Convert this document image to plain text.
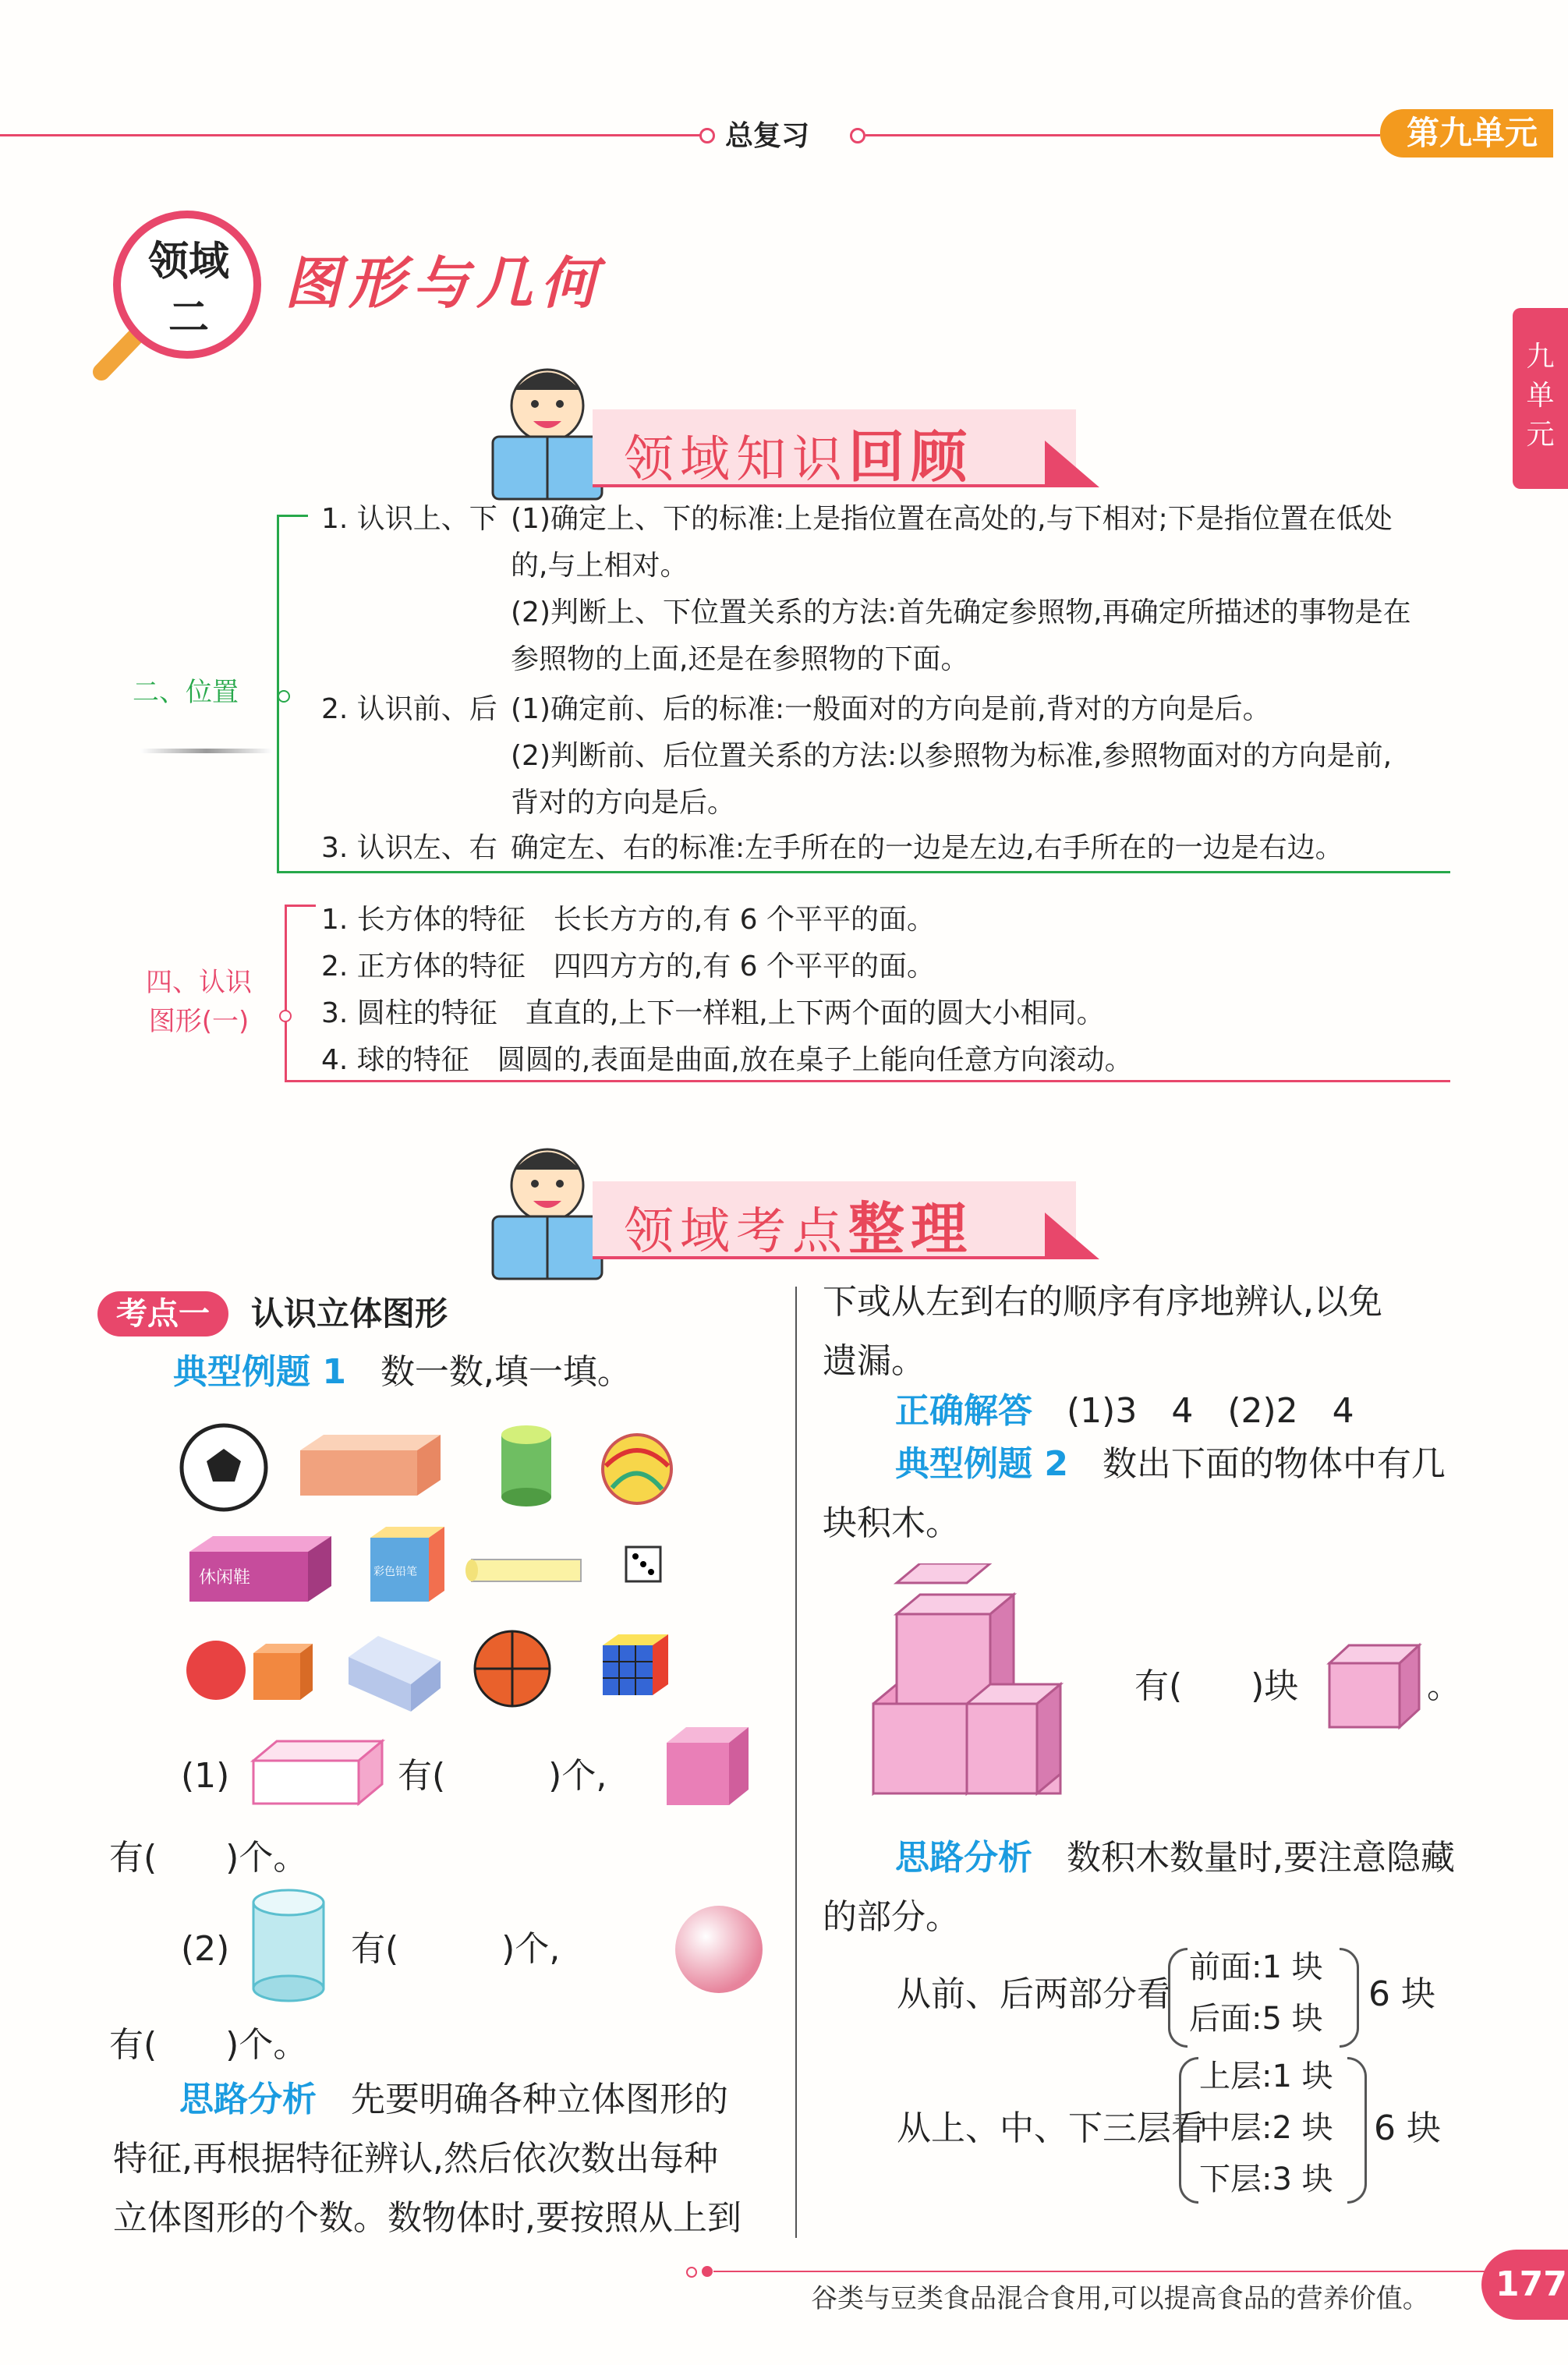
总复习	第九单元
九
单
元
领域
二
图形与几何
领域知识回顾
二、位置
1. 认识上、下 (1)确定上、下的标准:上是指位置在高处的,与下相对;下是指位置在低处
的,与上相对。
(2)判断上、下位置关系的方法:首先确定参照物,再确定所描述的事物是在
参照物的上面,还是在参照物的下面。
2. 认识前、后 (1)确定前、后的标准:一般面对的方向是前,背对的方向是后。
(2)判断前、后位置关系的方法:以参照物为标准,参照物面对的方向是前,
背对的方向是后。
3. 认识左、右 确定左、右的标准:左手所在的一边是左边,右手所在的一边是右边。
四、认识
图形(一)
1. 长方体的特征　长长方方的,有 6 个平平的面。
2. 正方体的特征　四四方方的,有 6 个平平的面。
3. 圆柱的特征　直直的,上下一样粗,上下两个面的圆大小相同。
4. 球的特征　圆圆的,表面是曲面,放在桌子上能向任意方向滚动。
领域考点整理
考点一	认识立体图形
典型例题 1　 数一数,填一填。
休闲鞋	彩色铅笔
(1)	有(　　　)个,
有(　　)个。
(2)	有(　　　)个,
有(　　)个。
思路分析　 先要明确各种立体图形的
特征,再根据特征辨认,然后依次数出每种
立体图形的个数。数物体时,要按照从上到
下或从左到右的顺序有序地辨认,以免
遗漏。
正确解答　 (1)3　4　(2)2　4
典型例题 2　 数出下面的物体中有几
块积木。
有(　　)块	。
思路分析　 数积木数量时,要注意隐藏
的部分。
从前、后两部分看
前面:1 块
后面:5 块
6 块
从上、中、下三层看
上层:1 块
中层:2 块
下层:3 块
6 块
谷类与豆类食品混合食用,可以提高食品的营养价值。	177
